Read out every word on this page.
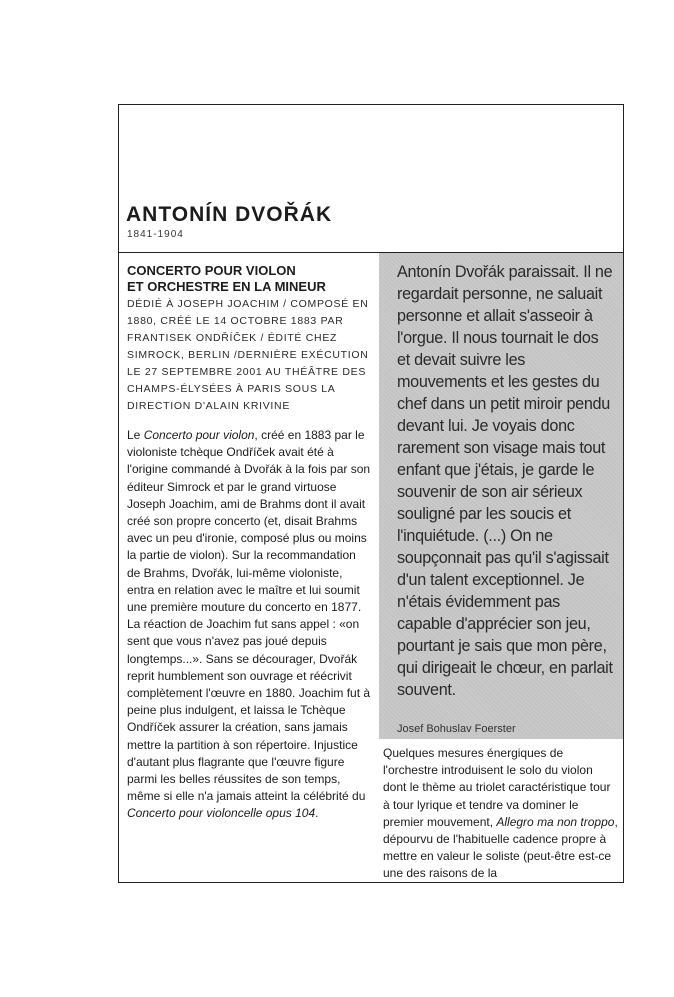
ANTONÍN DVOŘÁK
1841-1904

CONCERTO POUR VIOLON
ET ORCHESTRE EN LA MINEUR

DÉDIÉ À JOSEPH JOACHIM / COMPOSÉ EN 1880, CRÉÉ LE 14 OCTOBRE 1883 PAR FRANTISEK ONDŘÍČEK / ÉDITÉ CHEZ SIMROCK, BERLIN /DERNIÈRE EXÉCUTION LE 27 SEPTEMBRE 2001 AU THÉÂTRE DES CHAMPS-ÉLYSÉES À PARIS SOUS LA DIRECTION D'ALAIN KRIVINE

Le Concerto pour violon, créé en 1883 par le violoniste tchèque Ondříček avait été à l'origine commandé à Dvořák à la fois par son éditeur Simrock et par le grand virtuose Joseph Joachim, ami de Brahms dont il avait créé son propre concerto (et, disait Brahms avec un peu d'ironie, composé plus ou moins la partie de violon). Sur la recommandation de Brahms, Dvořák, lui-même violoniste, entra en relation avec le maître et lui soumit une première mouture du concerto en 1877. La réaction de Joachim fut sans appel : «on sent que vous n'avez pas joué depuis longtemps...». Sans se décourager, Dvořák reprit humblement son ouvrage et réécrivit complètement l'œuvre en 1880. Joachim fut à peine plus indulgent, et laissa le Tchèque Ondříček assurer la création, sans jamais mettre la partition à son répertoire. Injustice d'autant plus flagrante que l'œuvre figure parmi les belles réussites de son temps, même si elle n'a jamais atteint la célébrité du Concerto pour violoncelle opus 104.

Antonín Dvořák paraissait. Il ne regardait personne, ne saluait personne et allait s'asseoir à l'orgue. Il nous tournait le dos et devait suivre les mouvements et les gestes du chef dans un petit miroir pendu devant lui. Je voyais donc rarement son visage mais tout enfant que j'étais, je garde le souvenir de son air sérieux souligné par les soucis et l'inquiétude. (...) On ne soupçonnait pas qu'il s'agissait d'un talent exceptionnel. Je n'étais évidemment pas capable d'apprécier son jeu, pourtant je sais que mon père, qui dirigeait le chœur, en parlait souvent.

Josef Bohuslav Foerster

Quelques mesures énergiques de l'orchestre introduisent le solo du violon dont le thème au triolet caractéristique tour à tour lyrique et tendre va dominer le premier mouvement, Allegro ma non troppo, dépourvu de l'habituelle cadence propre à mettre en valeur le soliste (peut-être est-ce une des raisons de la
